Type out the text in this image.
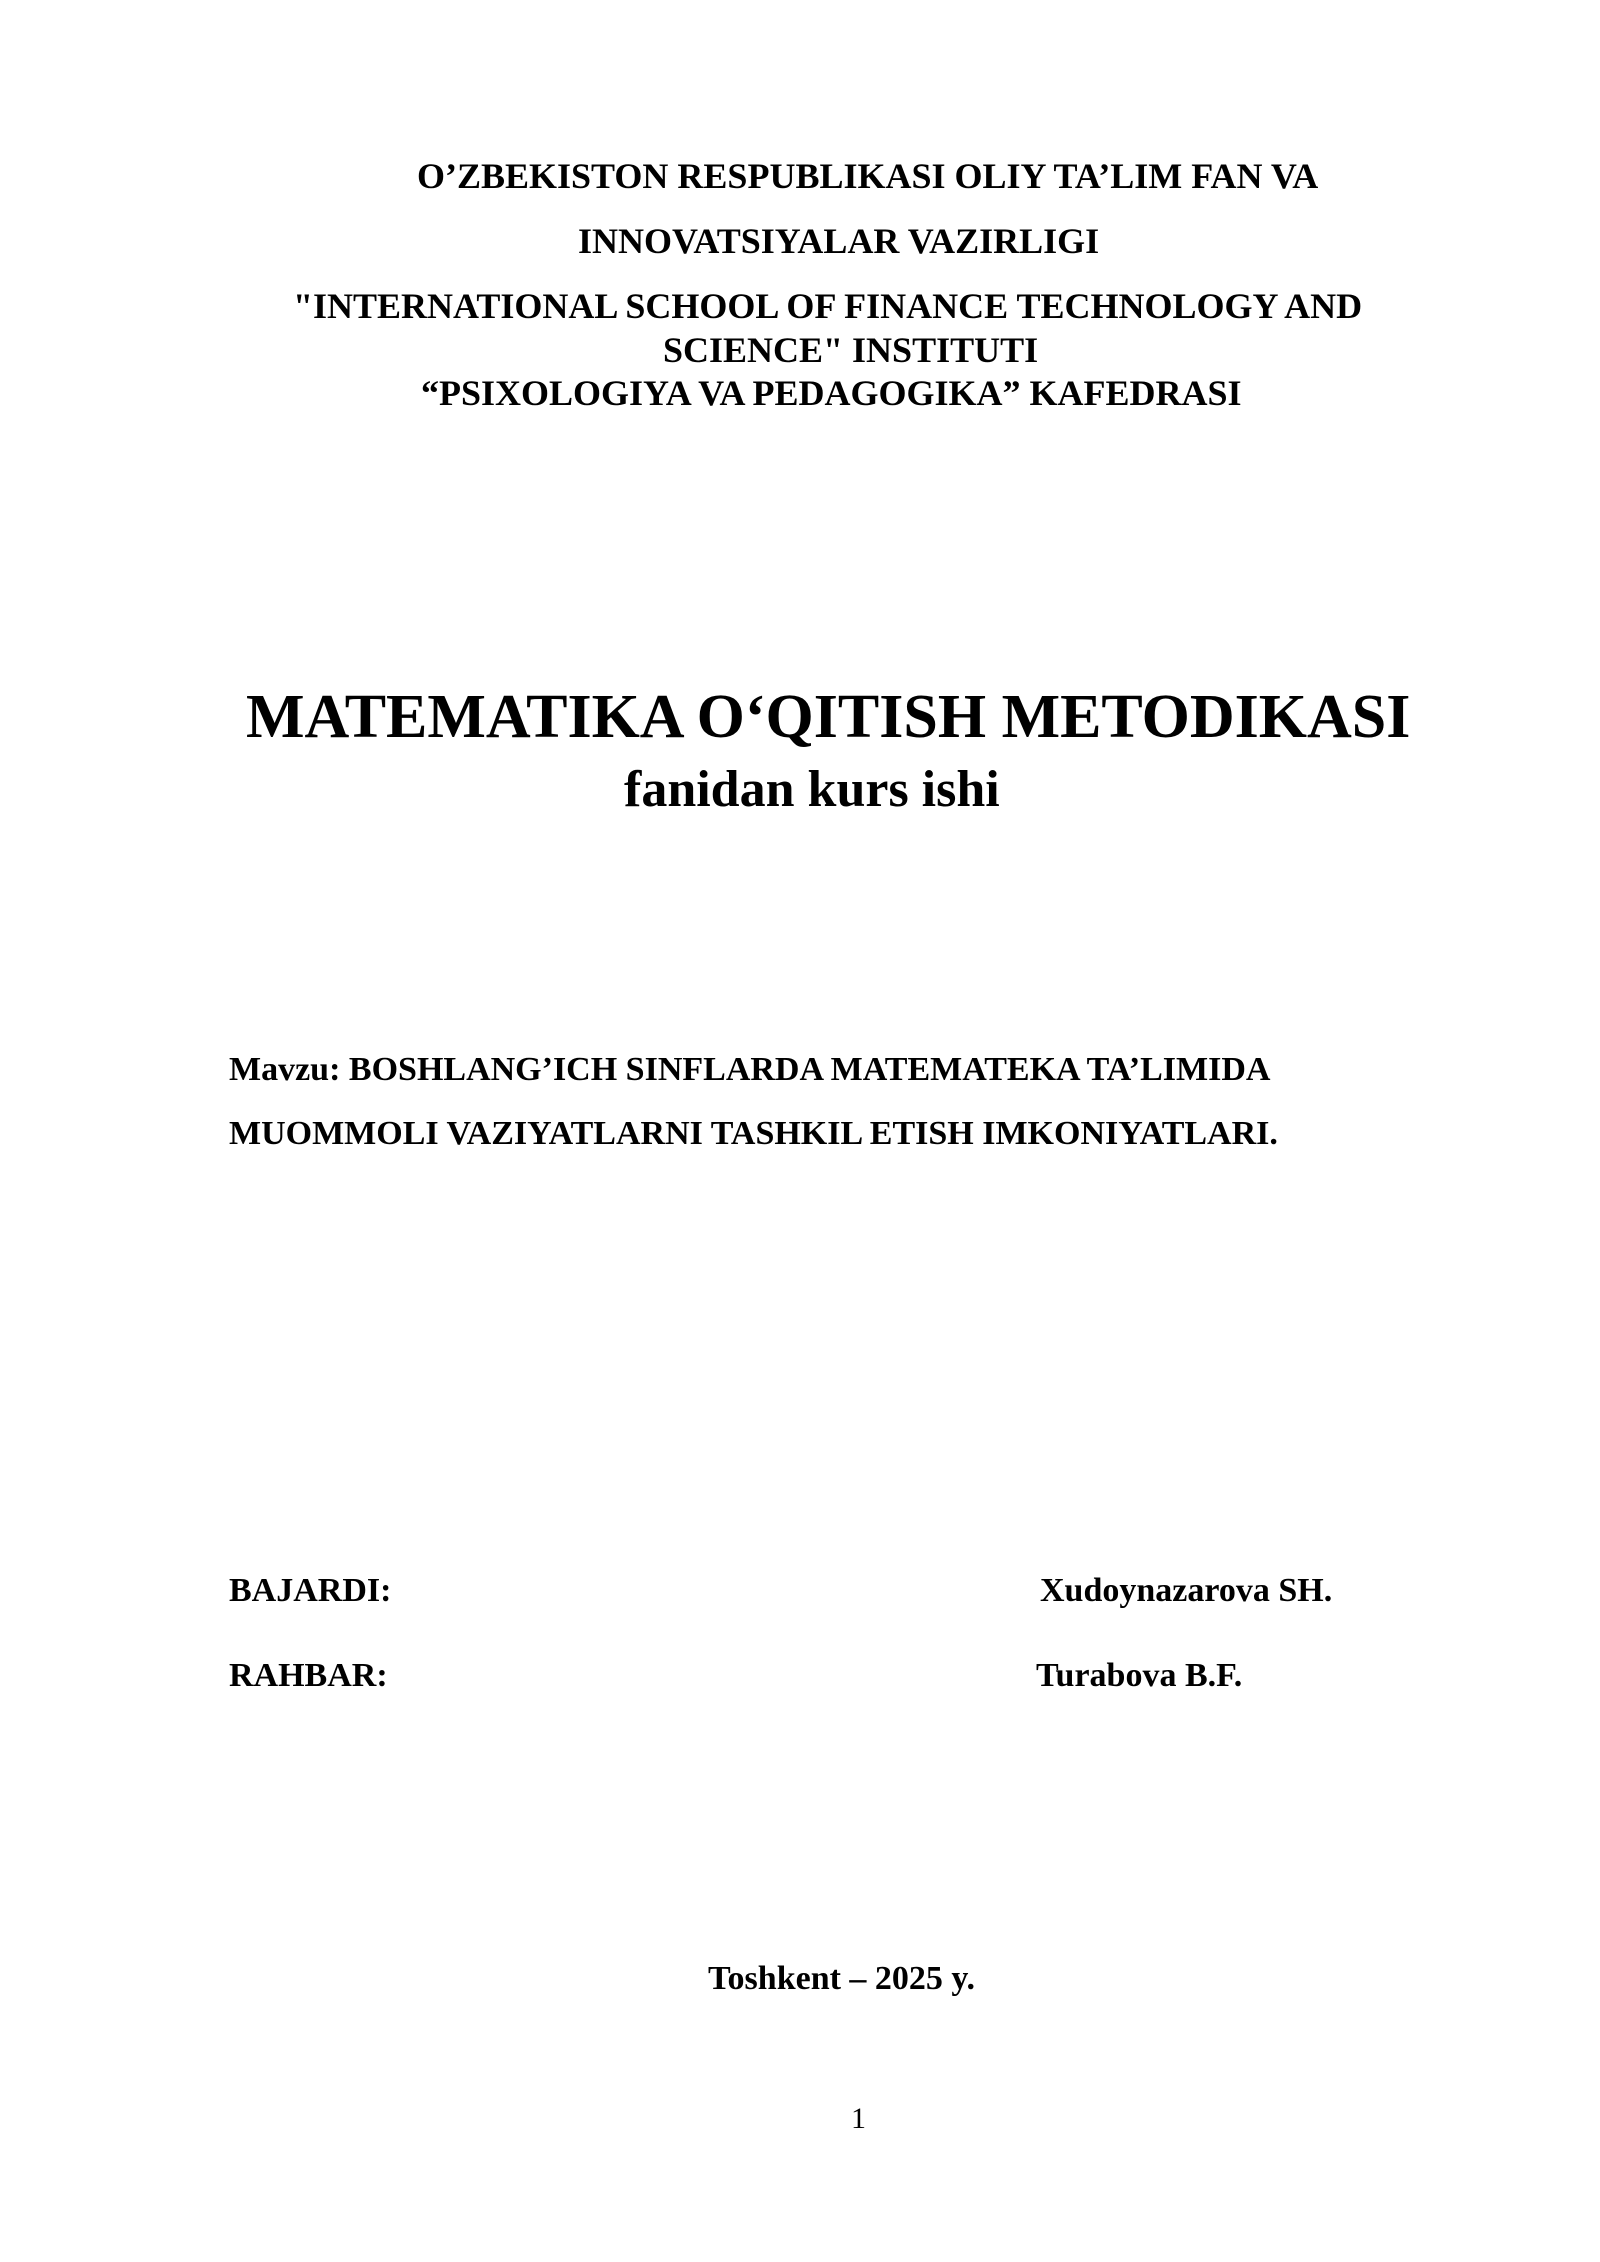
O’ZBEKISTON RESPUBLIKASI OLIY TA’LIM FAN VA
INNOVATSIYALAR VAZIRLIGI
"INTERNATIONAL SCHOOL OF FINANCE TECHNOLOGY AND
SCIENCE" INSTITUTI
“PSIXOLOGIYA VA PEDAGOGIKA” KAFEDRASI
MATEMATIKA O‘QITISH METODIKASI
fanidan kurs ishi
Mavzu: BOSHLANG’ICH SINFLARDA MATEMATEKA TA’LIMIDA
MUOMMOLI VAZIYATLARNI TASHKIL ETISH IMKONIYATLARI.
BAJARDI:	Xudoynazarova SH.
RAHBAR:	Turabova B.F.
Toshkent – 2025 y.
1
